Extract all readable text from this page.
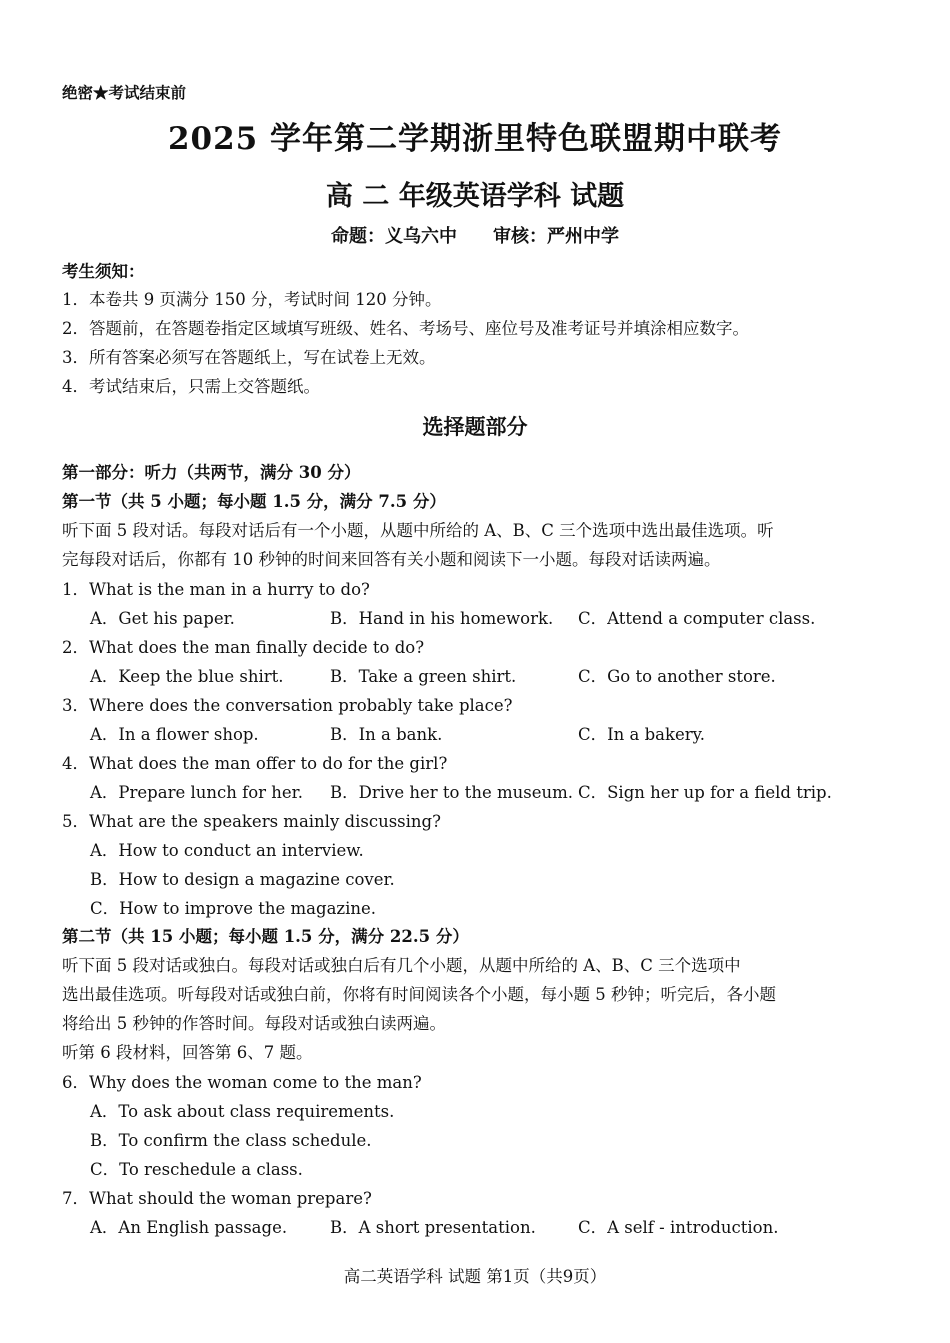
绝密★考试结束前
2025 学年第二学期浙里特色联盟期中联考
高 二 年级英语学科 试题
命题：义乌六中 审核：严州中学
考生须知：
1．本卷共 9 页满分 150 分，考试时间 120 分钟。
2．答题前，在答题卷指定区域填写班级、姓名、考场号、座位号及准考证号并填涂相应数字。
3．所有答案必须写在答题纸上，写在试卷上无效。
4．考试结束后，只需上交答题纸。
选择题部分
第一部分：听力（共两节，满分 30 分）
第一节（共 5 小题；每小题 1.5 分，满分 7.5 分）
听下面 5 段对话。每段对话后有一个小题，从题中所给的 A、B、C 三个选项中选出最佳选项。听
完每段对话后，你都有 10 秒钟的时间来回答有关小题和阅读下一小题。每段对话读两遍。
1．What is the man in a hurry to do?
A．Get his paper.	B．Hand in his homework. C．Attend a computer class.
2．What does the man finally decide to do?
A．Keep the blue shirt.	B．Take a green shirt.	C．Go to another store.
3．Where does the conversation probably take place?
A．In a flower shop.	B．In a bank.	C．In a bakery.
4．What does the man offer to do for the girl?
A．Prepare lunch for her. B．Drive her to the museum. C．Sign her up for a field trip.
5．What are the speakers mainly discussing?
A．How to conduct an interview.
B．How to design a magazine cover.
C．How to improve the magazine.
第二节（共 15 小题；每小题 1.5 分，满分 22.5 分）
听下面 5 段对话或独白。每段对话或独白后有几个小题，从题中所给的 A、B、C 三个选项中
选出最佳选项。听每段对话或独白前，你将有时间阅读各个小题，每小题 5 秒钟；听完后，各小题
将给出 5 秒钟的作答时间。每段对话或独白读两遍。
听第 6 段材料，回答第 6、7 题。
6．Why does the woman come to the man?
A．To ask about class requirements.
B．To confirm the class schedule.
C．To reschedule a class.
7．What should the woman prepare?
A．An English passage.	B．A short presentation.	C．A self - introduction.
高二英语学科 试题 第1页（共9页）
